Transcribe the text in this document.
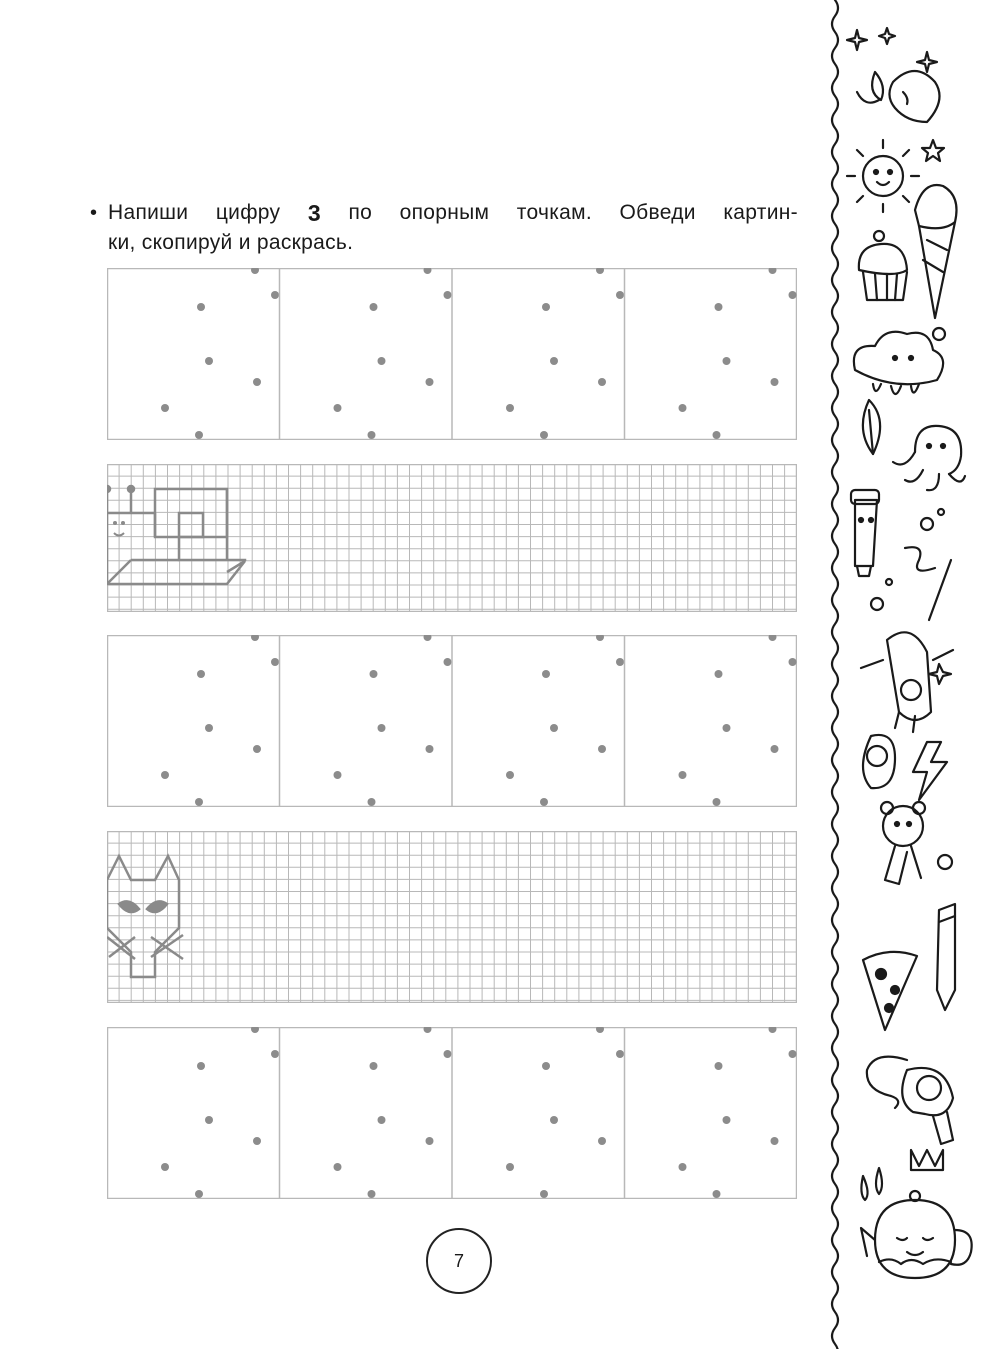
• Напиши цифру 3 по опорным точкам. Обведи картин-
ки, скопируй и раскрась.
7
